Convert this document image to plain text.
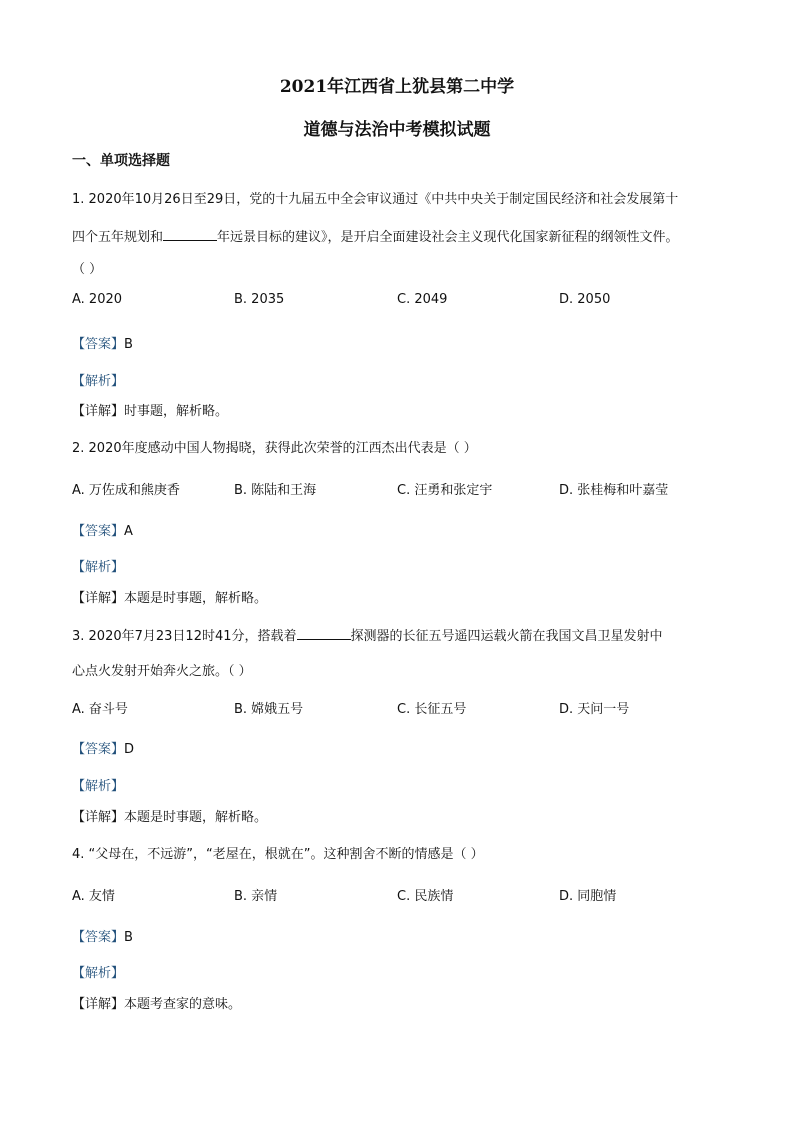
2021年江西省上犹县第二中学
道德与法治中考模拟试题
一、单项选择题
1. 2020年10月26日至29日，党的十九届五中全会审议通过《中共中央关于制定国民经济和社会发展第十
四个五年规划和	年远景目标的建议》，是开启全面建设社会主义现代化国家新征程的纲领性文件。
（ ）
A. 2020	B. 2035	C. 2049	D. 2050
【答案】B
【解析】
【详解】时事题，解析略。
2. 2020年度感动中国人物揭晓，获得此次荣誉的江西杰出代表是（ ）
A. 万佐成和熊庚香	B. 陈陆和王海	C. 汪勇和张定宇	D. 张桂梅和叶嘉莹
【答案】A
【解析】
【详解】本题是时事题，解析略。
3. 2020年7月23日12时41分，搭载着	探测器的长征五号遥四运载火箭在我国文昌卫星发射中
心点火发射开始奔火之旅。（ ）
A. 奋斗号	B. 嫦娥五号	C. 长征五号	D. 天问一号
【答案】D
【解析】
【详解】本题是时事题，解析略。
4. “父母在，不远游”，“老屋在，根就在”。这种割舍不断的情感是（ ）
A. 友情	B. 亲情	C. 民族情	D. 同胞情
【答案】B
【解析】
【详解】本题考查家的意味。
